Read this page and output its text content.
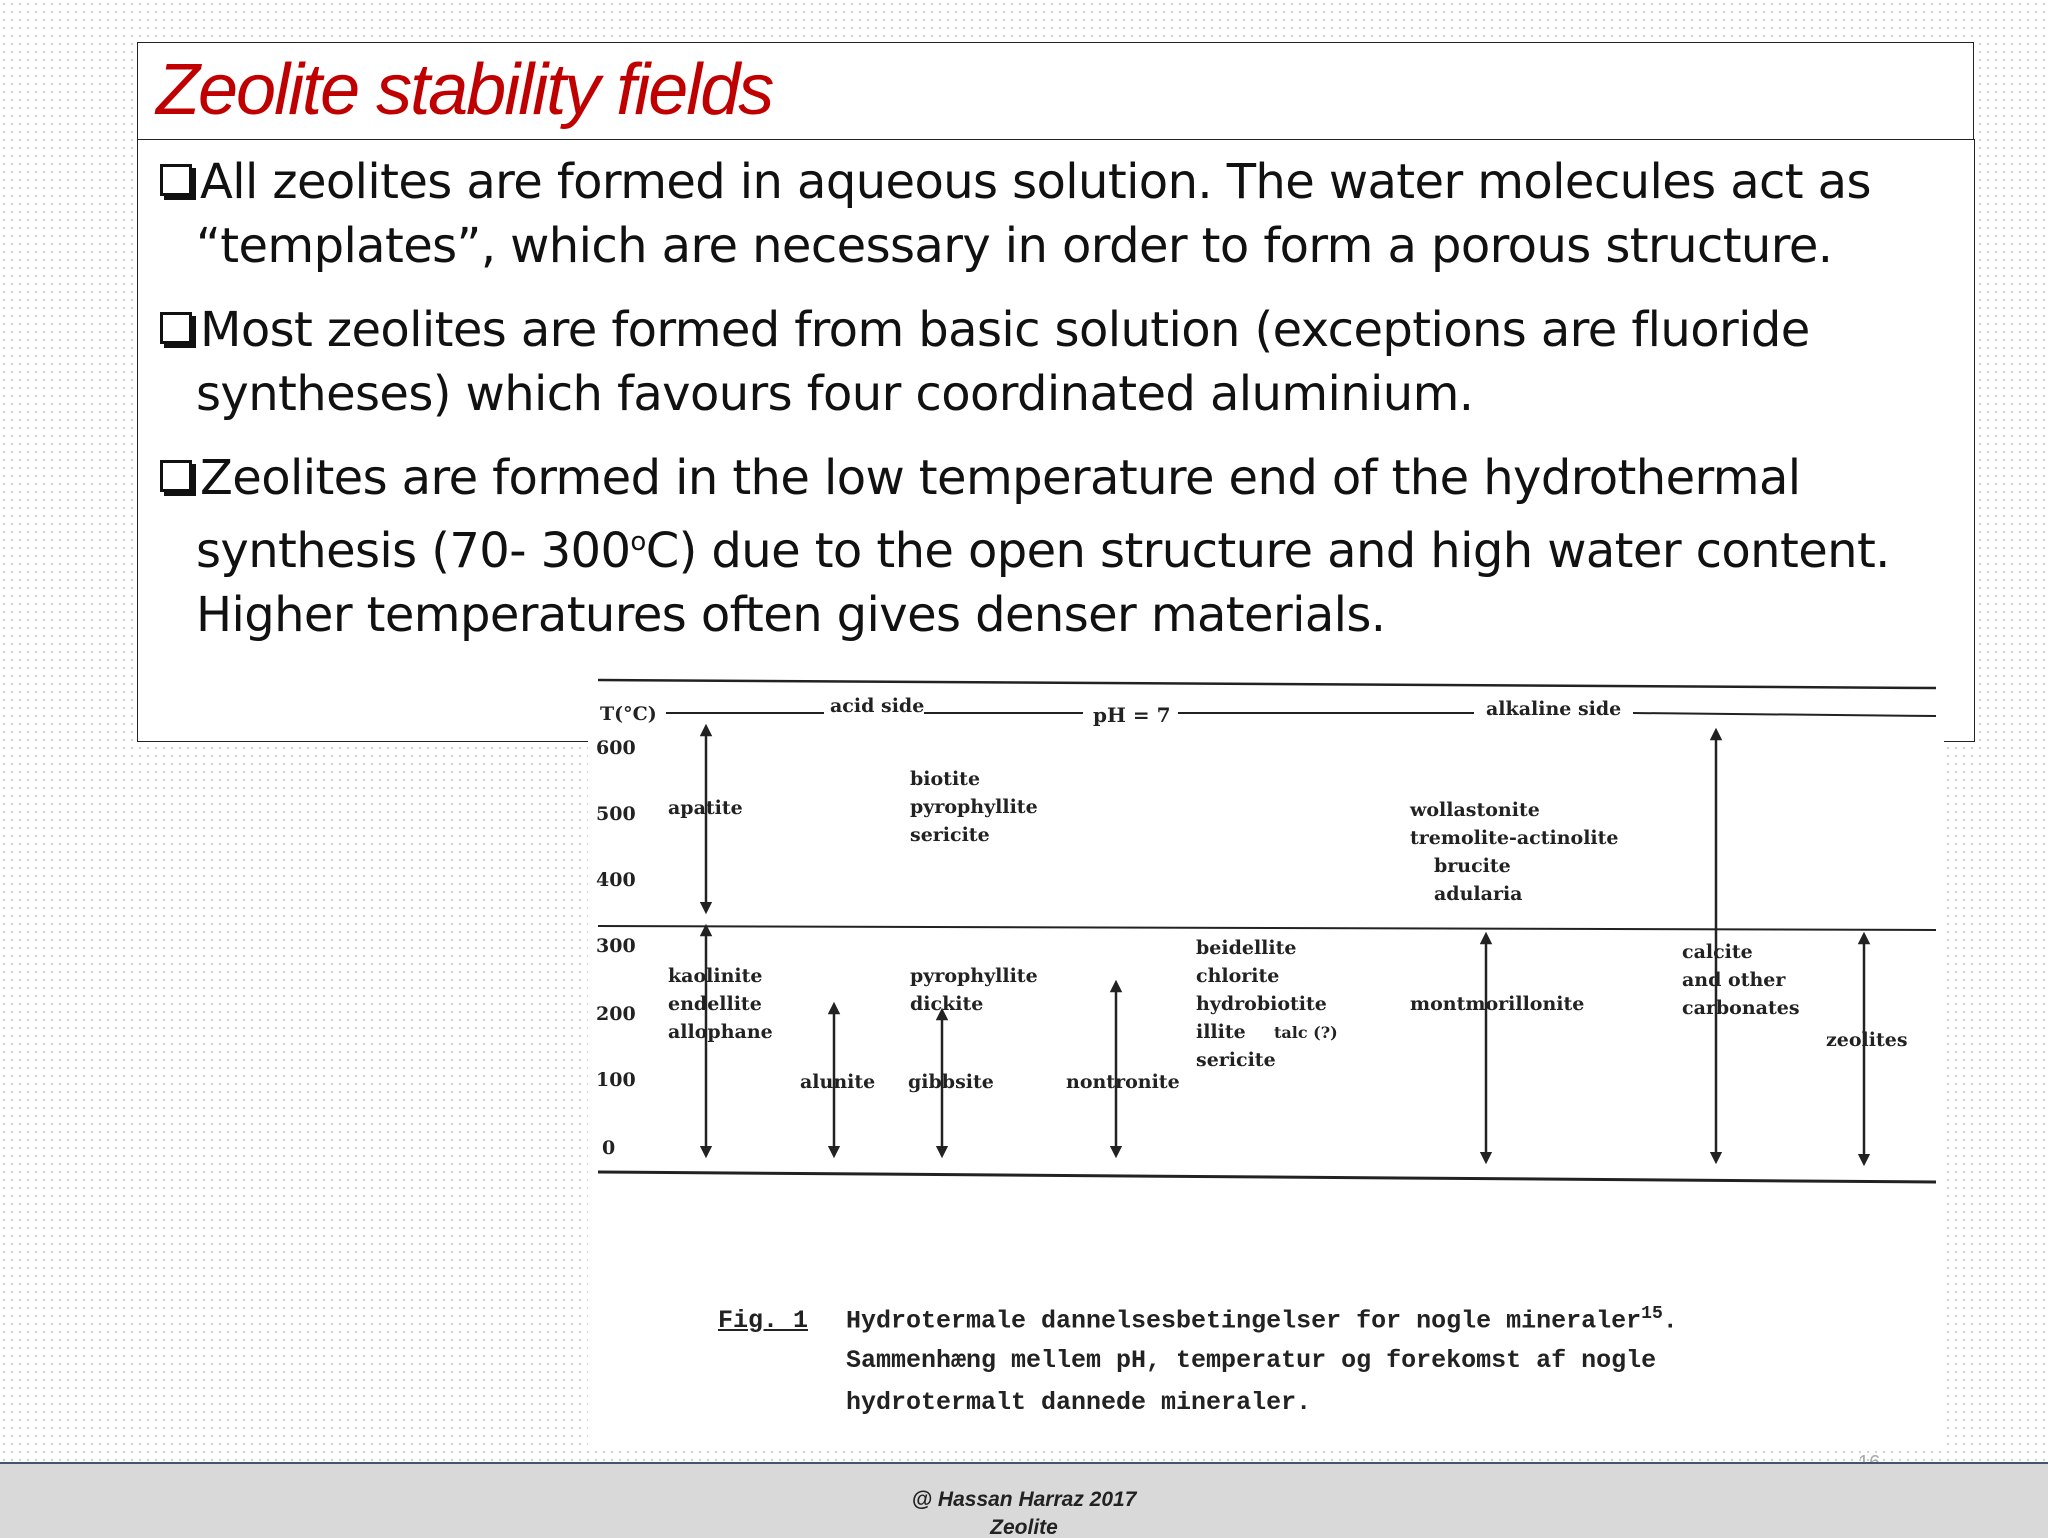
Zeolite stability fields
All zeolites are formed in aqueous solution. The water molecules act as “templates”, which are necessary in order to form a porous structure.
Most zeolites are formed from basic solution (exceptions are fluoride syntheses) which favours four coordinated aluminium.
Zeolites are formed in the low temperature end of the hydrothermal synthesis (70- 300$^o$C) due to the open structure and high water content. Higher temperatures often gives denser materials.
T(°C)	acid side	pH = 7	alkaline side
600
500
400
300
200
100
0
apatite
biotite
pyrophyllite
sericite
wollastonite
tremolite-actinolite
brucite
adularia
kaolinite
endellite
allophane
pyrophyllite
dickite
beidellite
chlorite
hydrobiotite
illite
sericite
talc (?)
alunite gibbsite	nontronite
montmorillonite
calcite
and other
carbonates
zeolites
Fig. 1 Hydrotermale dannelsesbetingelser for nogle mineraler$^{15}$.
Sammenhæng mellem pH, temperatur og forekomst af nogle
hydrotermalt dannede mineraler.
@ Hassan Harraz 2017
Zeolite
